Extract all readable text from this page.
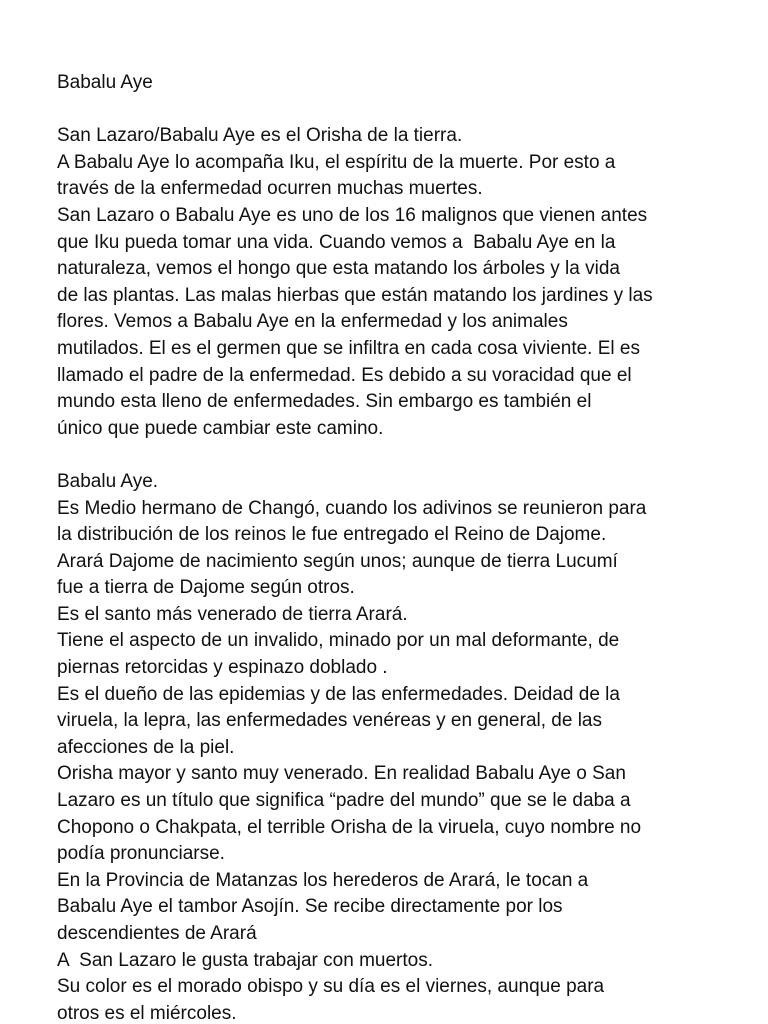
Babalu Aye
San Lazaro/Babalu Aye es el Orisha de la tierra.
A Babalu Aye lo acompaña Iku, el espíritu de la muerte. Por esto a
través de la enfermedad ocurren muchas muertes.
San Lazaro o Babalu Aye es uno de los 16 malignos que vienen antes
que Iku pueda tomar una vida. Cuando vemos a  Babalu Aye en la
naturaleza, vemos el hongo que esta matando los árboles y la vida
de las plantas. Las malas hierbas que están matando los jardines y las
flores. Vemos a Babalu Aye en la enfermedad y los animales
mutilados. El es el germen que se infiltra en cada cosa viviente. El es
llamado el padre de la enfermedad. Es debido a su voracidad que el
mundo esta lleno de enfermedades. Sin embargo es también el
único que puede cambiar este camino.
Babalu Aye.
Es Medio hermano de Changó, cuando los adivinos se reunieron para
la distribución de los reinos le fue entregado el Reino de Dajome.
Arará Dajome de nacimiento según unos; aunque de tierra Lucumí
fue a tierra de Dajome según otros.
Es el santo más venerado de tierra Arará.
Tiene el aspecto de un invalido, minado por un mal deformante, de
piernas retorcidas y espinazo doblado .
Es el dueño de las epidemias y de las enfermedades. Deidad de la
viruela, la lepra, las enfermedades venéreas y en general, de las
afecciones de la piel.
Orisha mayor y santo muy venerado. En realidad Babalu Aye o San
Lazaro es un título que significa “padre del mundo” que se le daba a
Chopono o Chakpata, el terrible Orisha de la viruela, cuyo nombre no
podía pronunciarse.
En la Provincia de Matanzas los herederos de Arará, le tocan a
Babalu Aye el tambor Asojín. Se recibe directamente por los
descendientes de Arará
A  San Lazaro le gusta trabajar con muertos.
Su color es el morado obispo y su día es el viernes, aunque para
otros es el miércoles.
